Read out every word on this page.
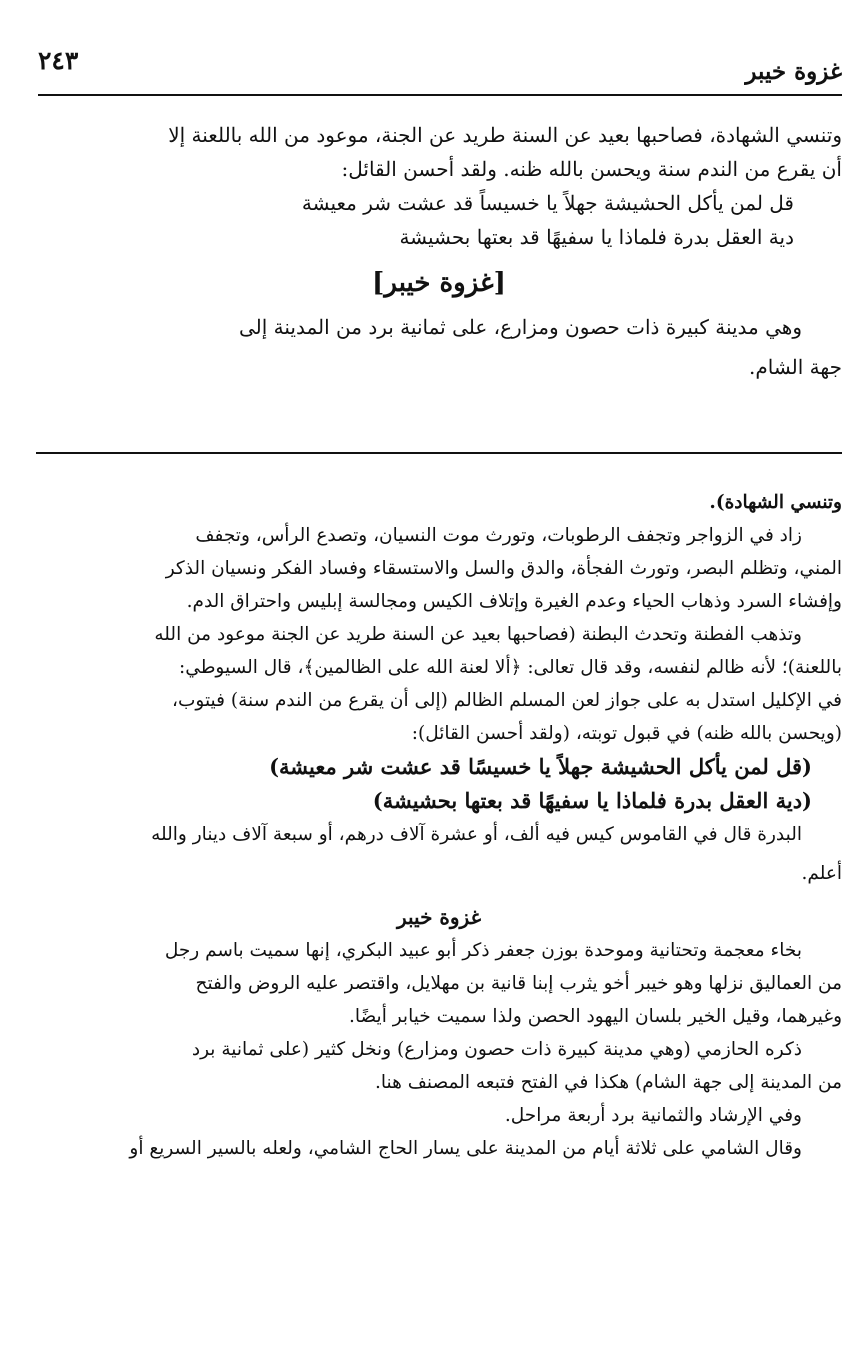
غزوة خيبر
٢٤٣
وتنسي الشهادة، فصاحبها بعيد عن السنة طريد عن الجنة، موعود من الله باللعنة إلا
أن يقرع من الندم سنة ويحسن بالله ظنه. ولقد أحسن القائل:
قل لمن يأكل الحشيشة جهلاً يا خسيساً قد عشت شر معيشة
دية العقل بدرة فلماذا يا سفيهًا قد بعتها بحشيشة
[غزوة خيبر]
وهي مدينة كبيرة ذات حصون ومزارع، على ثمانية برد من المدينة إلى
جهة الشام.
وتنسي الشهادة).
زاد في الزواجر وتجفف الرطوبات، وتورث موت النسيان، وتصدع الرأس، وتجفف
المني، وتظلم البصر، وتورث الفجأة، والدق والسل والاستسقاء وفساد الفكر ونسيان الذكر
وإفشاء السرد وذهاب الحياء وعدم الغيرة وإتلاف الكيس ومجالسة إبليس واحتراق الدم.
وتذهب الفطنة وتحدث البطنة (فصاحبها بعيد عن السنة طريد عن الجنة موعود من الله
باللعنة)؛ لأنه ظالم لنفسه، وقد قال تعالى: ﴿ألا لعنة الله على الظالمين﴾، قال السيوطي:
في الإكليل استدل به على جواز لعن المسلم الظالم (إلى أن يقرع من الندم سنة) فيتوب،
(ويحسن بالله ظنه) في قبول توبته، (ولقد أحسن القائل):
(قل لمن يأكل الحشيشة جهلاً يا خسيسًا قد عشت شر معيشة)
(دية العقل بدرة فلماذا يا سفيهًا قد بعتها بحشيشة)
البدرة قال في القاموس كيس فيه ألف، أو عشرة آلاف درهم، أو سبعة آلاف دينار والله
أعلم.
غزوة خيبر
بخاء معجمة وتحتانية وموحدة بوزن جعفر ذكر أبو عبيد البكري، إنها سميت باسم رجل
من العماليق نزلها وهو خيبر أخو يثرب إبنا قانية بن مهلايل، واقتصر عليه الروض والفتح
وغيرهما، وقيل الخير بلسان اليهود الحصن ولذا سميت خيابر أيضًا.
ذكره الحازمي (وهي مدينة كبيرة ذات حصون ومزارع) ونخل كثير (على ثمانية برد
من المدينة إلى جهة الشام) هكذا في الفتح فتبعه المصنف هنا.
وفي الإرشاد والثمانية برد أربعة مراحل.
وقال الشامي على ثلاثة أيام من المدينة على يسار الحاج الشامي، ولعله بالسير السريع أو
